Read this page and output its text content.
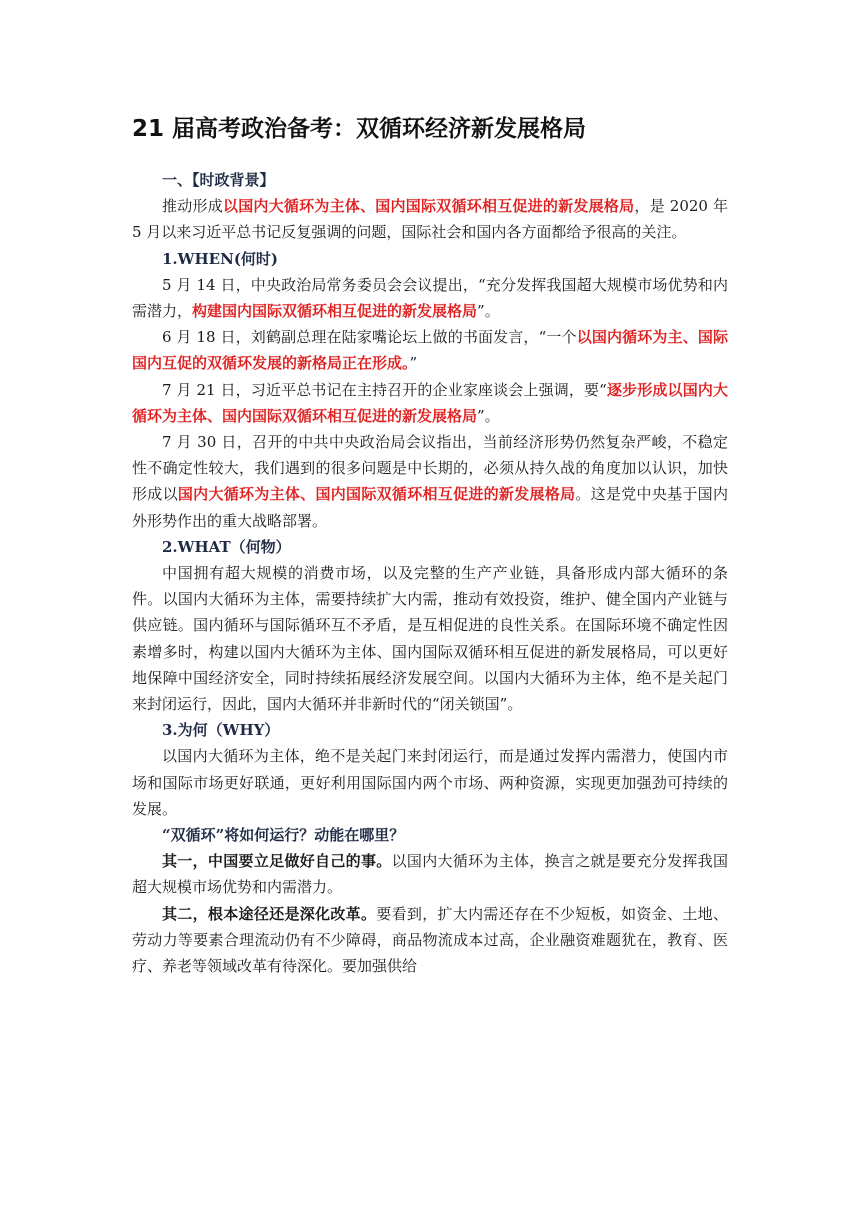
21 届高考政治备考：双循环经济新发展格局

一、【时政背景】

推动形成以国内大循环为主体、国内国际双循环相互促进的新发展格局，是 2020 年 5 月以来习近平总书记反复强调的问题，国际社会和国内各方面都给予很高的关注。

1.WHEN(何时)

5 月 14 日，中央政治局常务委员会会议提出，“充分发挥我国超大规模市场优势和内需潜力，构建国内国际双循环相互促进的新发展格局”。

6 月 18 日，刘鹤副总理在陆家嘴论坛上做的书面发言，“一个以国内循环为主、国际国内互促的双循环发展的新格局正在形成。”

7 月 21 日，习近平总书记在主持召开的企业家座谈会上强调，要“逐步形成以国内大循环为主体、国内国际双循环相互促进的新发展格局”。

7 月 30 日，召开的中共中央政治局会议指出，当前经济形势仍然复杂严峻，不稳定性不确定性较大，我们遇到的很多问题是中长期的，必须从持久战的角度加以认识，加快形成以国内大循环为主体、国内国际双循环相互促进的新发展格局。这是党中央基于国内外形势作出的重大战略部署。

2.WHAT（何物）

中国拥有超大规模的消费市场，以及完整的生产产业链，具备形成内部大循环的条件。以国内大循环为主体，需要持续扩大内需，推动有效投资，维护、健全国内产业链与供应链。国内循环与国际循环互不矛盾，是互相促进的良性关系。在国际环境不确定性因素增多时，构建以国内大循环为主体、国内国际双循环相互促进的新发展格局，可以更好地保障中国经济安全，同时持续拓展经济发展空间。以国内大循环为主体，绝不是关起门来封闭运行，因此，国内大循环并非新时代的“闭关锁国”。

3.为何（WHY）

以国内大循环为主体，绝不是关起门来封闭运行，而是通过发挥内需潜力，使国内市场和国际市场更好联通，更好利用国际国内两个市场、两种资源，实现更加强劲可持续的发展。

“双循环”将如何运行？动能在哪里？

其一，中国要立足做好自己的事。以国内大循环为主体，换言之就是要充分发挥我国超大规模市场优势和内需潜力。

其二，根本途径还是深化改革。要看到，扩大内需还存在不少短板，如资金、土地、劳动力等要素合理流动仍有不少障碍，商品物流成本过高，企业融资难题犹在，教育、医疗、养老等领域改革有待深化。要加强供给
